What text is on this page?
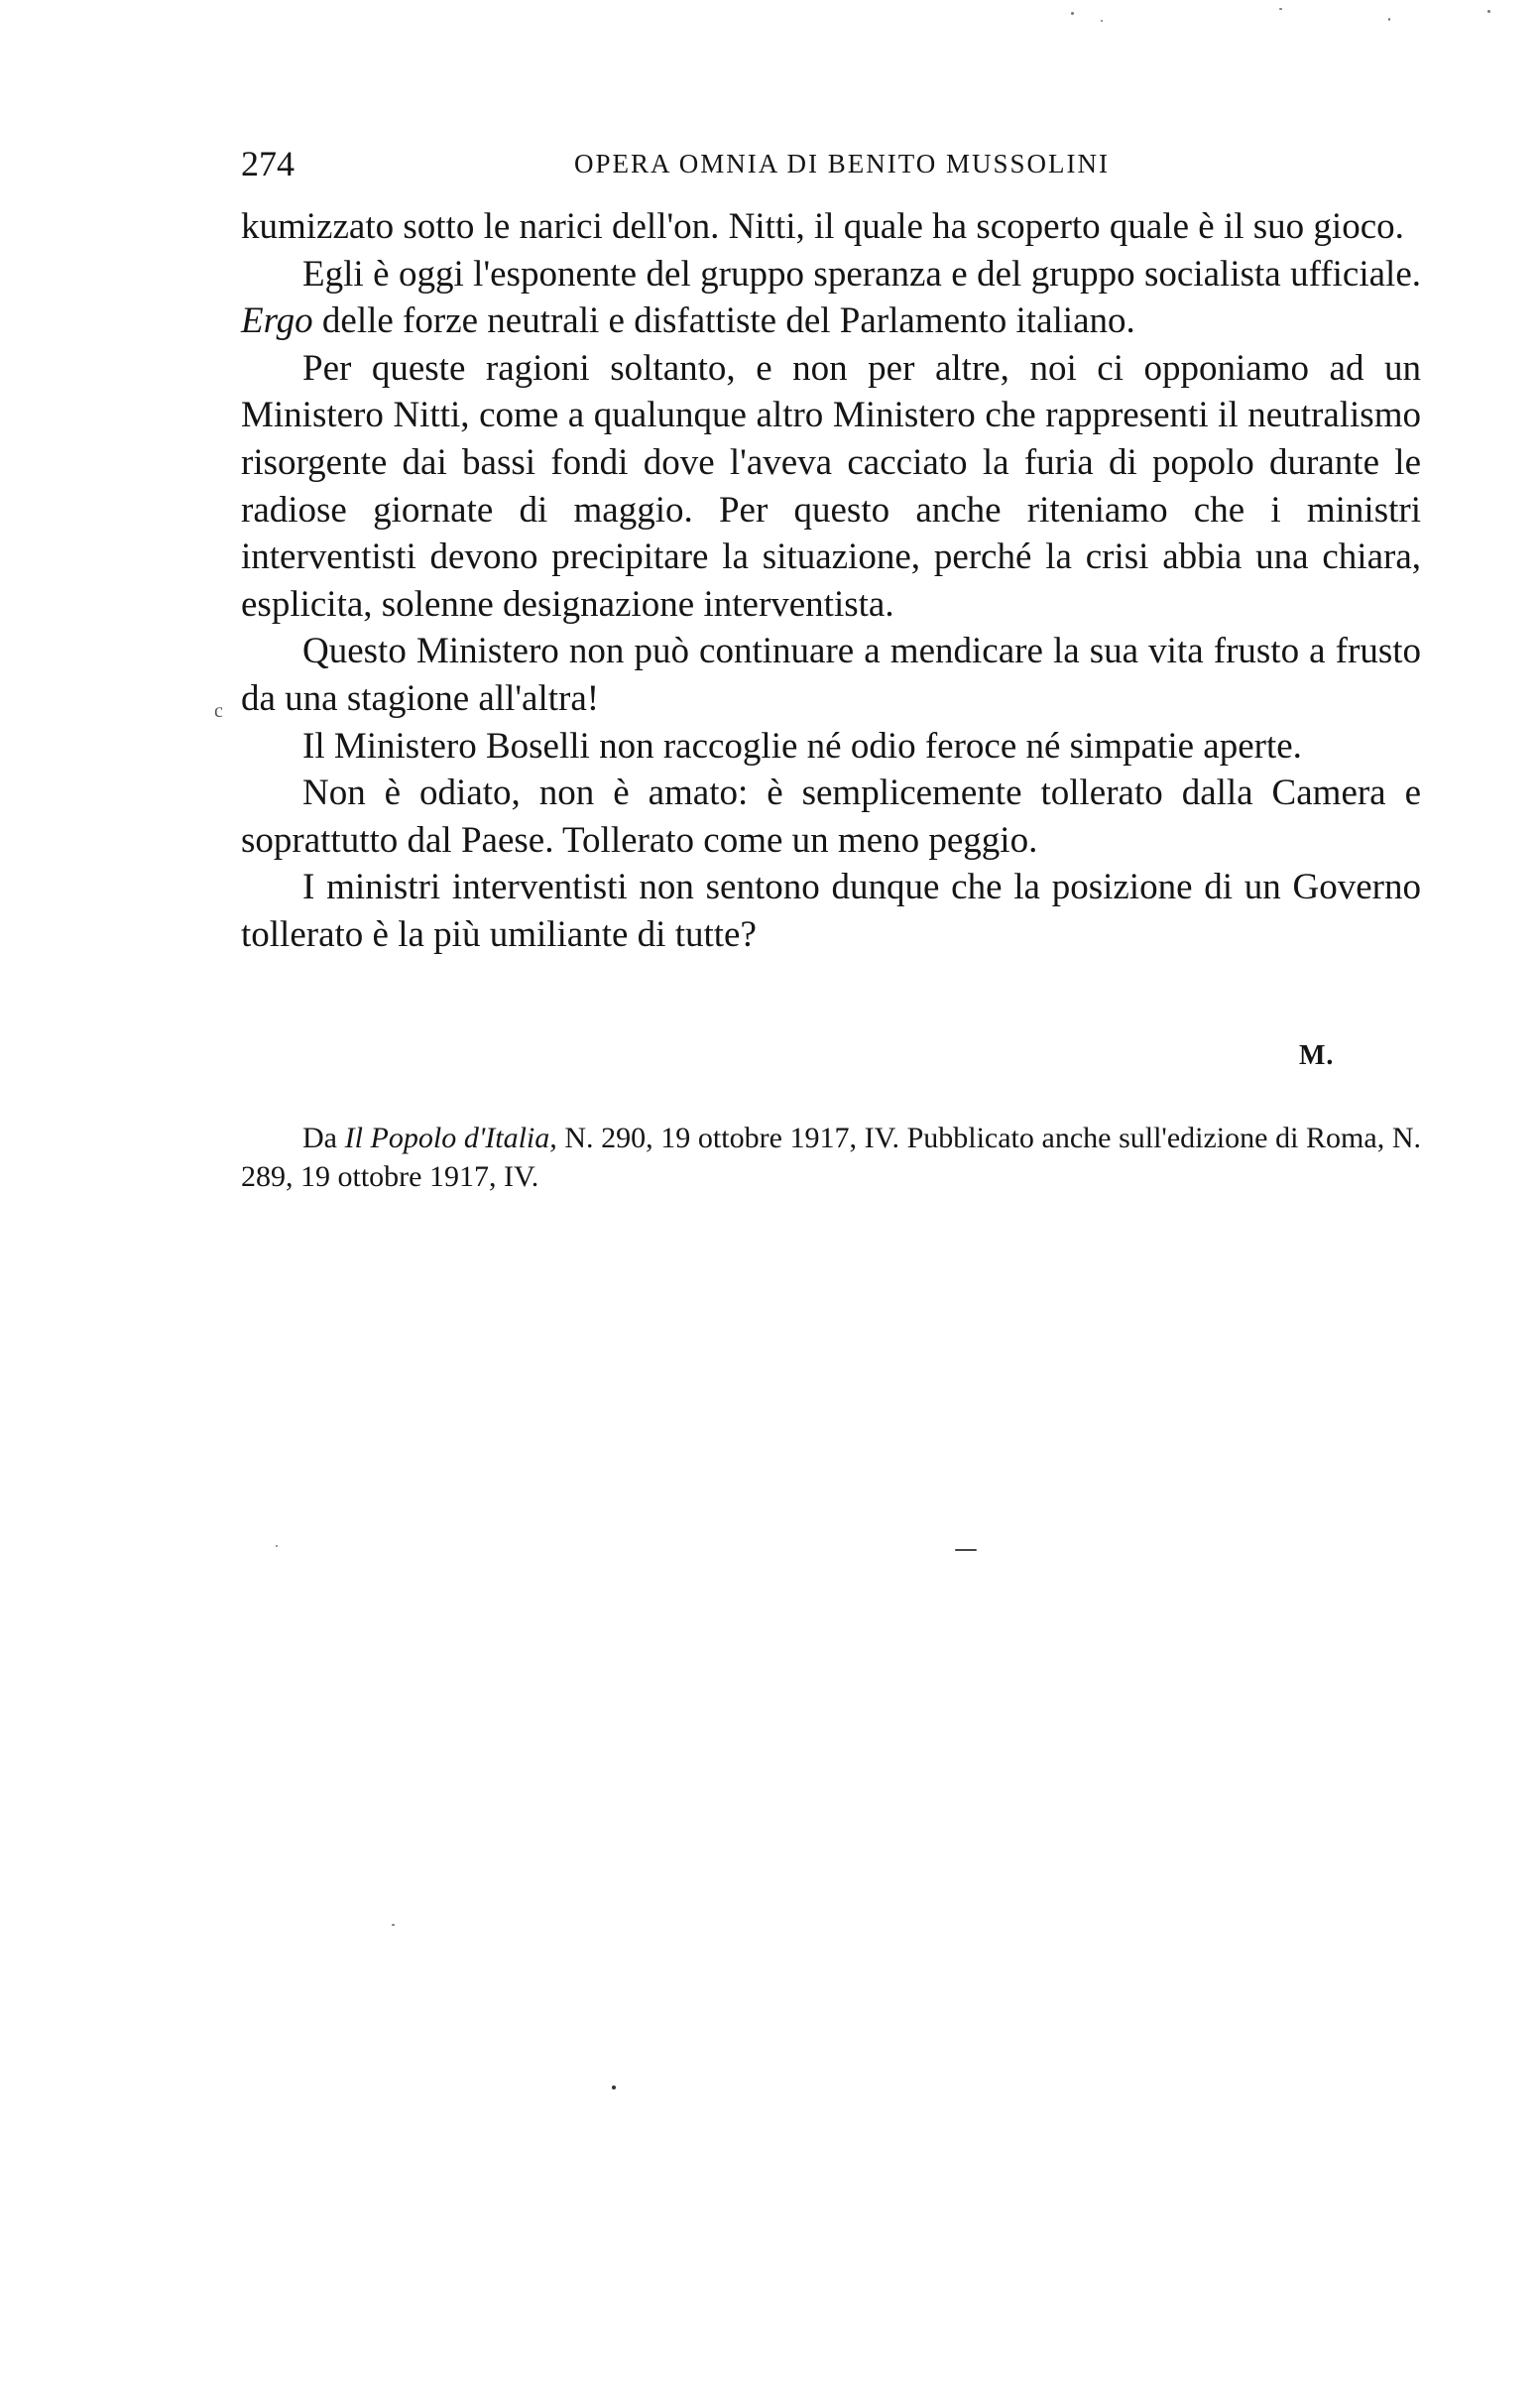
274	OPERA OMNIA DI BENITO MUSSOLINI
c

kumizzato sotto le narici dell'on. Nitti, il quale ha scoperto quale è il suo gioco.

Egli è oggi l'esponente del gruppo speranza e del gruppo socialista ufficiale. Ergo delle forze neutrali e disfattiste del Parlamento italiano.

Per queste ragioni soltanto, e non per altre, noi ci opponiamo ad un Ministero Nitti, come a qualunque altro Ministero che rappresenti il neutralismo risorgente dai bassi fondi dove l'aveva cacciato la furia di popolo durante le radiose giornate di maggio. Per questo anche riteniamo che i ministri interventisti devono precipitare la situazione, perché la crisi abbia una chiara, esplicita, solenne designazione interventista.

Questo Ministero non può continuare a mendicare la sua vita frusto a frusto da una stagione all'altra!

Il Ministero Boselli non raccoglie né odio feroce né simpatie aperte.

Non è odiato, non è amato: è semplicemente tollerato dalla Camera e soprattutto dal Paese. Tollerato come un meno peggio.

I ministri interventisti non sentono dunque che la posizione di un Governo tollerato è la più umiliante di tutte?

M.

Da Il Popolo d'Italia, N. 290, 19 ottobre 1917, IV. Pubblicato anche sull'edizione di Roma, N. 289, 19 ottobre 1917, IV.
